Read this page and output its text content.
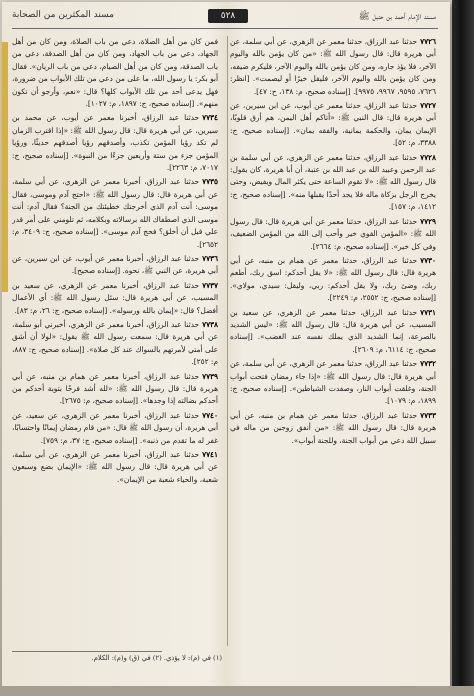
مسند الإمام أحمد بن حنبل ﷺ
٥٢٨
مسند المكثرين من الصحابة

٧٧٢٦حدثنا عبد الرزاق، حدثنا معمر عن الزهري، عن أبي سلمة، عن أبي هريرة قال: قال رسول الله ﷺ: «من كان يؤمن بالله واليوم الآخر، فلا يؤذ جاره، ومن كان يؤمن بالله واليوم الآخر، فليكرم ضيفه، ومن كان يؤمن بالله واليوم الآخر، فليقل خيرًا أو ليصمت». [انظر: ٧٦٢٦، ٩٥٩٥، ٩٩٦٧، ٩٩٧٥]. [إسناده صحيح، م: ١٣٨، ح: ٤٧].

٧٧٢٧حدثنا عبد الرزاق، حدثنا معمر عن أيوب، عن ابن سيرين، عن أبي هريرة قال: قال النبي ﷺ: «أتاكم أهل اليمن، هم أرق قلوبًا، الإيمان يمان، والحكمة يمانية، والفقه يمان». [إسناده صحيح، ج: ٣٣٨٨، م: ٥٢].

٧٧٢٨حدثنا عبد الرزاق، حدثنا معمر عن الزهري، عن أبي سلمة بن عبد الرحمن وعبيد الله بن عبد الله بن عتبة، أن أبا هريرة، كان يقول: قال رسول الله ﷺ: «لا تقوم الساعة حتى يكثر المال ويفيض، وحتى يخرج الرجل بزكاة ماله فلا يجد أحدًا يقبلها منه». [إسناده صحيح، ج: ١٤١٢، م: ١٥٧].

٧٧٢٩حدثنا عبد الرزاق، حدثنا معمر عن أبي هريرة قال: قال رسول الله ﷺ: «المؤمن القوي خير وأحب إلى الله من المؤمن الضعيف، وفي كل خير». [إسناده صحيح، م: ٢٦٦٤].

٧٧٣٠حدثنا عبد الرزاق، حدثنا معمر عن همام بن منبه، عن أبي هريرة قال: قال رسول الله ﷺ: «لا يقل أحدكم: اسق ربك، أطعم ربك، وضئ ربك، ولا يقل أحدكم: ربي، وليقل: سيدي، مولاي». [إسناده صحيح، ج: ٢٥٥٢، م: ٢٢٤٩].

٧٧٣١حدثنا عبد الرزاق، حدثنا معمر عن الزهري، عن سعيد بن المسيب، عن أبي هريرة قال: قال رسول الله ﷺ: «ليس الشديد بالصرعة، إنما الشديد الذي يملك نفسه عند الغضب». [إسناده صحيح، ج: ٦١١٤، م: ٢٦٠٩].

٧٧٣٢حدثنا عبد الرزاق، حدثنا معمر عن الزهري، عن أبي سلمة، عن أبي هريرة قال: قال رسول الله ﷺ: «إذا جاء رمضان فتحت أبواب الجنة، وغلقت أبواب النار، وصفدت الشياطين». [إسناده صحيح، ج: ١٨٩٩، م: ١٠٧٩].

٧٧٣٣حدثنا عبد الرزاق، حدثنا معمر عن همام بن منبه، عن أبي هريرة قال: قال رسول الله ﷺ: «من أنفق زوجين من ماله في سبيل الله دعي من أبواب الجنة، وللجنة أبواب».

فمن كان من أهل الصلاة، دعي من باب الصلاة، ومن كان من أهل الجهاد، دعي من باب الجهاد، ومن كان من أهل الصدقة، دعي من باب الصدقة، ومن كان من أهل الصيام، دعي من باب الريان». فقال أبو بكر: يا رسول الله، ما على من دعي من تلك الأبواب من ضرورة، فهل يدعى أحد من تلك الأبواب كلها؟ قال: «نعم، وأرجو أن تكون منهم». [إسناده صحيح، ج: ١٨٩٧، م: ١٠٢٧].

٧٧٣٤حدثنا عبد الرزاق، أخبرنا معمر عن أيوب، عن محمد بن سيرين، عن أبي هريرة قال: قال رسول الله ﷺ: «إذا اقترب الزمان لم تكد رؤيا المؤمن تكذب، وأصدقهم رؤيا أصدقهم حديثًا، ورؤيا المؤمن جزء من ستة وأربعين جزءًا من النبوة». [إسناده صحيح، ج: ٧٠١٧، م: ٢٢٦٣].

٧٧٣٥حدثنا عبد الرزاق، أخبرنا معمر عن الزهري، عن أبي سلمة، عن أبي هريرة قال: قال رسول الله ﷺ: «احتج آدم وموسى، فقال موسى: أنت آدم الذي أخرجتك خطيئتك من الجنة؟ فقال آدم: أنت موسى الذي اصطفاك الله برسالاته وبكلامه، ثم تلومني على أمر قدر علي قبل أن أخلق؟ فحج آدم موسى». [إسناده صحيح، ج: ٣٤٠٩، م: ٢٦٥٢].

٧٧٣٦حدثنا عبد الرزاق، أخبرنا معمر عن أيوب، عن ابن سيرين، عن أبي هريرة، عن النبي ﷺ، نحوه. [إسناده صحيح].

٧٧٣٧حدثنا عبد الرزاق، أخبرنا معمر عن الزهري، عن سعيد بن المسيب، عن أبي هريرة قال: سئل رسول الله ﷺ: أي الأعمال أفضل؟ قال: «إيمان بالله ورسوله». [إسناده صحيح، ج: ٢٦، م: ٨٣].

٧٧٣٨حدثنا عبد الرزاق، أخبرنا معمر عن الزهري، أخبرني أبو سلمة، عن أبي هريرة قال: سمعت رسول الله ﷺ يقول: «لولا أن أشق على أمتي لأمرتهم بالسواك عند كل صلاة». [إسناده صحيح، ج: ٨٨٧، م: ٢٥٢].

٧٧٣٩حدثنا عبد الرزاق، أخبرنا معمر عن همام بن منبه، عن أبي هريرة قال: قال رسول الله ﷺ: «لله أشد فرحًا بتوبة أحدكم من أحدكم بضالته إذا وجدها». [إسناده صحيح، م: ٢٦٧٥].

٧٧٤٠حدثنا عبد الرزاق، أخبرنا معمر عن الزهري، عن سعيد، عن أبي هريرة، أن رسول الله ﷺ قال: «من قام رمضان إيمانًا واحتسابًا، غفر له ما تقدم من ذنبه». [إسناده صحيح، ج: ٣٧، م: ٧٥٩].

٧٧٤١حدثنا عبد الرزاق، أخبرنا معمر عن الزهري، عن أبي سلمة، عن أبي هريرة قال: قال رسول الله ﷺ: «الإيمان بضع وسبعون شعبة، والحياء شعبة من الإيمان».

(١) في (م): لا يؤذي. (٢) في (ق) و(م): الكلام.
